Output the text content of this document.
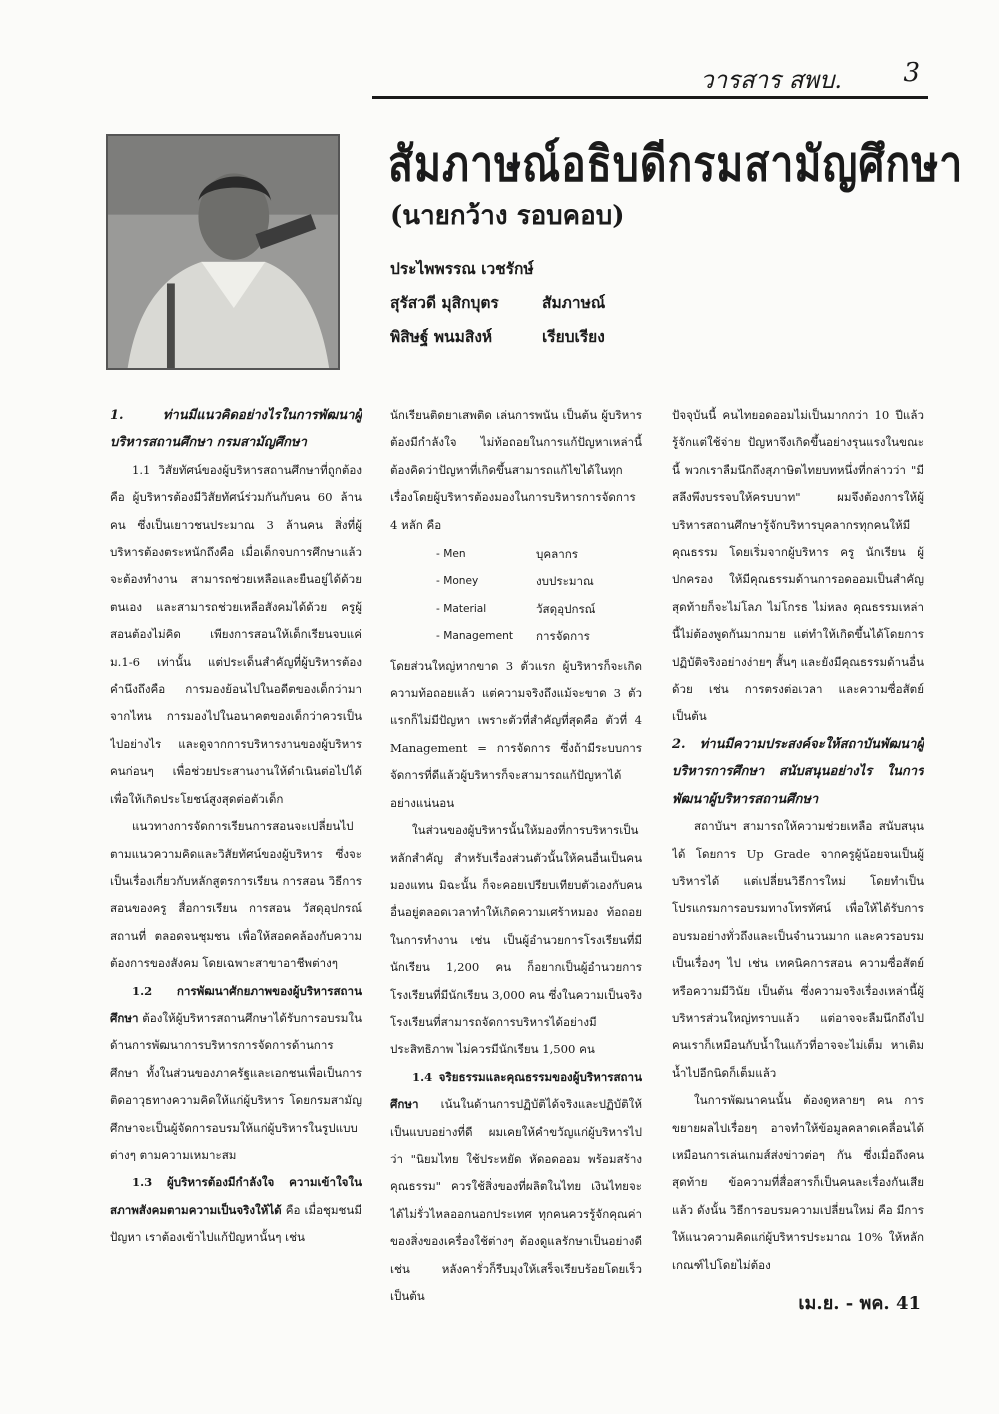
วารสาร สพบ. 3
สัมภาษณ์อธิบดีกรมสามัญศึกษา
(นายกว้าง รอบคอบ)
ประไพพรรณ เวชรักษ์
สุรัสวดี มุสิกบุตร	สัมภาษณ์
พิสิษฐ์ พนมสิงห์	เรียบเรียง

1. ท่านมีแนวคิดอย่างไรในการพัฒนาผู้บริหารสถานศึกษา กรมสามัญศึกษา

1.1 วิสัยทัศน์ของผู้บริหารสถานศึกษาที่ถูกต้องคือ ผู้บริหารต้องมีวิสัยทัศน์ร่วมกันกับคน 60 ล้านคน ซึ่งเป็นเยาวชนประมาณ 3 ล้านคน สิ่งที่ผู้บริหารต้องตระหนักถึงคือ เมื่อเด็กจบการศึกษาแล้วจะต้องทำงาน สามารถช่วยเหลือและยืนอยู่ได้ด้วยตนเอง และสามารถช่วยเหลือสังคมได้ด้วย ครูผู้สอนต้องไม่คิด เพียงการสอนให้เด็กเรียนจบแค่ ม.1-6 เท่านั้น แต่ประเด็นสำคัญที่ผู้บริหารต้องคำนึงถึงคือ การมองย้อนไปในอดีตของเด็กว่ามาจากไหน การมองไปในอนาคตของเด็กว่าควรเป็นไปอย่างไร และดูจากการบริหารงานของผู้บริหารคนก่อนๆ เพื่อช่วยประสานงานให้ดำเนินต่อไปได้ เพื่อให้เกิดประโยชน์สูงสุดต่อตัวเด็ก

แนวทางการจัดการเรียนการสอนจะเปลี่ยนไปตามแนวความคิดและวิสัยทัศน์ของผู้บริหาร ซึ่งจะเป็นเรื่องเกี่ยวกับหลักสูตรการเรียน การสอน วิธีการสอนของครู สื่อการเรียน การสอน วัสดุอุปกรณ์ สถานที่ ตลอดจนชุมชน เพื่อให้สอดคล้องกับความต้องการของสังคม โดยเฉพาะสาขาอาชีพต่างๆ

1.2 การพัฒนาศักยภาพของผู้บริหารสถานศึกษา ต้องให้ผู้บริหารสถานศึกษาได้รับการอบรมในด้านการพัฒนาการบริหารการจัดการด้านการศึกษา ทั้งในส่วนของภาครัฐและเอกชนเพื่อเป็นการติดอาวุธทางความคิดให้แก่ผู้บริหาร โดยกรมสามัญศึกษาจะเป็นผู้จัดการอบรมให้แก่ผู้บริหารในรูปแบบต่างๆ ตามความเหมาะสม

1.3 ผู้บริหารต้องมีกำลังใจ ความเข้าใจในสภาพสังคมตามความเป็นจริงให้ได้ คือ เมื่อชุมชนมีปัญหา เราต้องเข้าไปแก้ปัญหานั้นๆ เช่น

นักเรียนติดยาเสพติด เล่นการพนัน เป็นต้น ผู้บริหารต้องมีกำลังใจ ไม่ท้อถอยในการแก้ปัญหาเหล่านี้ ต้องคิดว่าปัญหาที่เกิดขึ้นสามารถแก้ไขได้ในทุกเรื่องโดยผู้บริหารต้องมองในการบริหารการจัดการ 4 หลัก คือ

- Men	บุคลากร
- Money	งบประมาณ
- Material	วัสดุอุปกรณ์
- Management	การจัดการ

โดยส่วนใหญ่หากขาด 3 ตัวแรก ผู้บริหารก็จะเกิดความท้อถอยแล้ว แต่ความจริงถึงแม้จะขาด 3 ตัวแรกก็ไม่มีปัญหา เพราะตัวที่สำคัญที่สุดคือ ตัวที่ 4 Management = การจัดการ ซึ่งถ้ามีระบบการจัดการที่ดีแล้วผู้บริหารก็จะสามารถแก้ปัญหาได้อย่างแน่นอน

ในส่วนของผู้บริหารนั้นให้มองที่การบริหารเป็นหลักสำคัญ สำหรับเรื่องส่วนตัวนั้นให้คนอื่นเป็นคนมองแทน มิฉะนั้น ก็จะคอยเปรียบเทียบตัวเองกับคนอื่นอยู่ตลอดเวลาทำให้เกิดความเศร้าหมอง ท้อถอยในการทำงาน เช่น เป็นผู้อำนวยการโรงเรียนที่มีนักเรียน 1,200 คน ก็อยากเป็นผู้อำนวยการโรงเรียนที่มีนักเรียน 3,000 คน ซึ่งในความเป็นจริงโรงเรียนที่สามารถจัดการบริหารได้อย่างมีประสิทธิภาพ ไม่ควรมีนักเรียน 1,500 คน

1.4 จริยธรรมและคุณธรรมของผู้บริหารสถานศึกษา เน้นในด้านการปฏิบัติได้จริงและปฏิบัติให้เป็นแบบอย่างที่ดี ผมเคยให้คำขวัญแก่ผู้บริหารไปว่า "นิยมไทย ใช้ประหยัด หัดอดออม พร้อมสร้างคุณธรรม" ควรใช้สิ่งของที่ผลิตในไทย เงินไทยจะได้ไม่รั่วไหลออกนอกประเทศ ทุกคนควรรู้จักคุณค่าของสิ่งของเครื่องใช้ต่างๆ ต้องดูแลรักษาเป็นอย่างดี เช่น หลังคารั่วก็รีบมุงให้เสร็จเรียบร้อยโดยเร็ว เป็นต้น

ปัจจุบันนี้ คนไทยอดออมไม่เป็นมากกว่า 10 ปีแล้ว รู้จักแต่ใช้จ่าย ปัญหาจึงเกิดขึ้นอย่างรุนแรงในขณะนี้ พวกเราลืมนึกถึงสุภาษิตไทยบทหนึ่งที่กล่าวว่า "มีสลึงพึงบรรจบให้ครบบาท" ผมจึงต้องการให้ผู้บริหารสถานศึกษารู้จักบริหารบุคลากรทุกคนให้มีคุณธรรม โดยเริ่มจากผู้บริหาร ครู นักเรียน ผู้ปกครอง ให้มีคุณธรรมด้านการอดออมเป็นสำคัญ สุดท้ายก็จะไม่โลภ ไม่โกรธ ไม่หลง คุณธรรมเหล่านี้ไม่ต้องพูดกันมากมาย แต่ทำให้เกิดขึ้นได้โดยการปฏิบัติจริงอย่างง่ายๆ สั้นๆ และยังมีคุณธรรมด้านอื่นด้วย เช่น การตรงต่อเวลา และความซื่อสัตย์ เป็นต้น

2. ท่านมีความประสงค์จะให้สถาบันพัฒนาผู้บริหารการศึกษา สนับสนุนอย่างไร ในการพัฒนาผู้บริหารสถานศึกษา

สถาบันฯ สามารถให้ความช่วยเหลือ สนับสนุนได้ โดยการ Up Grade จากครูผู้น้อยจนเป็นผู้บริหารได้ แต่เปลี่ยนวิธีการใหม่ โดยทำเป็นโปรแกรมการอบรมทางโทรทัศน์ เพื่อให้ได้รับการอบรมอย่างทั่วถึงและเป็นจำนวนมาก และควรอบรมเป็นเรื่องๆ ไป เช่น เทคนิคการสอน ความซื่อสัตย์ หรือความมีวินัย เป็นต้น ซึ่งความจริงเรื่องเหล่านี้ผู้บริหารส่วนใหญ่ทราบแล้ว แต่อาจจะลืมนึกถึงไป คนเราก็เหมือนกับน้ำในแก้วที่อาจจะไม่เต็ม หาเติมน้ำไปอีกนิดก็เต็มแล้ว

ในการพัฒนาคนนั้น ต้องดูหลายๆ คน การขยายผลไปเรื่อยๆ อาจทำให้ข้อมูลคลาดเคลื่อนได้ เหมือนการเล่นเกมส์ส่งข่าวต่อๆ กัน ซึ่งเมื่อถึงคนสุดท้าย ข้อความที่สื่อสารก็เป็นคนละเรื่องกันเสียแล้ว ดังนั้น วิธีการอบรมความเปลี่ยนใหม่ คือ มีการให้แนวความคิดแก่ผู้บริหารประมาณ 10% ให้หลักเกณฑ์ไปโดยไม่ต้อง

เม.ย. - พค. 41
